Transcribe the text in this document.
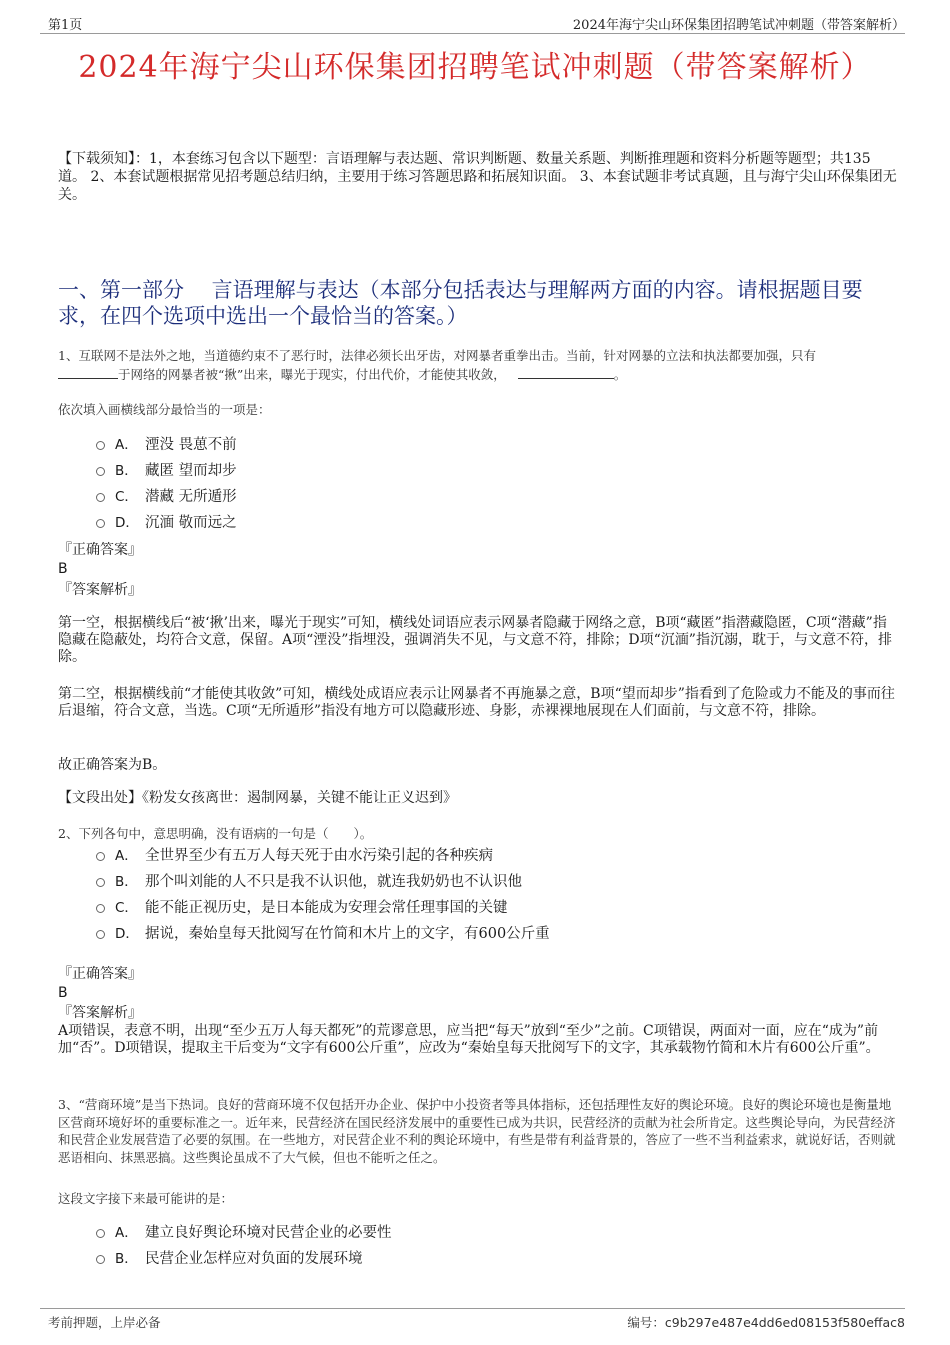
第1页	2024年海宁尖山环保集团招聘笔试冲刺题（带答案解析）
2024年海宁尖山环保集团招聘笔试冲刺题（带答案解析）
【下载须知】：1，本套练习包含以下题型：言语理解与表达题、常识判断题、数量关系题、判断推理题和资料分析题等题型；共135道。 2、本套试题根据常见招考题总结归纳，主要用于练习答题思路和拓展知识面。 3、本套试题非考试真题，且与海宁尖山环保集团无关。
一、第一部分　 言语理解与表达（本部分包括表达与理解两方面的内容。请根据题目要求，在四个选项中选出一个最恰当的答案。）
1、互联网不是法外之地，当道德约束不了恶行时，法律必须长出牙齿，对网暴者重拳出击。当前，针对网暴的立法和执法都要加强，只有
于网络的网暴者被“揪”出来，曝光于现实，付出代价，才能使其收敛，	。
依次填入画横线部分最恰当的一项是：
A． 湮没 畏葸不前
B． 藏匿 望而却步
C． 潜藏 无所遁形
D． 沉湎 敬而远之
『正确答案』
B
『答案解析』
第一空，根据横线后“被‘揪’出来，曝光于现实”可知，横线处词语应表示网暴者隐藏于网络之意，B项“藏匿”指潜藏隐匿，C项“潜藏”指隐藏在隐蔽处，均符合文意，保留。A项“湮没”指埋没，强调消失不见，与文意不符，排除；D项“沉湎”指沉溺，耽于，与文意不符，排除。
第二空，根据横线前“才能使其收敛”可知，横线处成语应表示让网暴者不再施暴之意，B项“望而却步”指看到了危险或力不能及的事而往后退缩，符合文意，当选。C项“无所遁形”指没有地方可以隐藏形迹、身影，赤裸裸地展现在人们面前，与文意不符，排除。
故正确答案为B。
【文段出处】《粉发女孩离世：遏制网暴，关键不能让正义迟到》
2、下列各句中，意思明确，没有语病的一句是（　　）。
A． 全世界至少有五万人每天死于由水污染引起的各种疾病
B． 那个叫刘能的人不只是我不认识他，就连我奶奶也不认识他
C． 能不能正视历史，是日本能成为安理会常任理事国的关键
D． 据说，秦始皇每天批阅写在竹简和木片上的文字，有600公斤重
『正确答案』
B
『答案解析』
A项错误，表意不明，出现“至少五万人每天都死”的荒谬意思，应当把“每天”放到“至少”之前。C项错误，两面对一面，应在“成为”前加“否”。D项错误，提取主干后变为“文字有600公斤重”，应改为“秦始皇每天批阅写下的文字，其承载物竹简和木片有600公斤重”。
3、“营商环境”是当下热词。良好的营商环境不仅包括开办企业、保护中小投资者等具体指标，还包括理性友好的舆论环境。良好的舆论环境也是衡量地区营商环境好坏的重要标准之一。近年来，民营经济在国民经济发展中的重要性已成为共识，民营经济的贡献为社会所肯定。这些舆论导向，为民营经济和民营企业发展营造了必要的氛围。在一些地方，对民营企业不利的舆论环境中，有些是带有利益背景的，答应了一些不当利益索求，就说好话，否则就恶语相向、抹黑恶搞。这些舆论虽成不了大气候，但也不能听之任之。
这段文字接下来最可能讲的是：
A． 建立良好舆论环境对民营企业的必要性
B． 民营企业怎样应对负面的发展环境
考前押题，上岸必备	编号：c9b297e487e4dd6ed08153f580effac8
